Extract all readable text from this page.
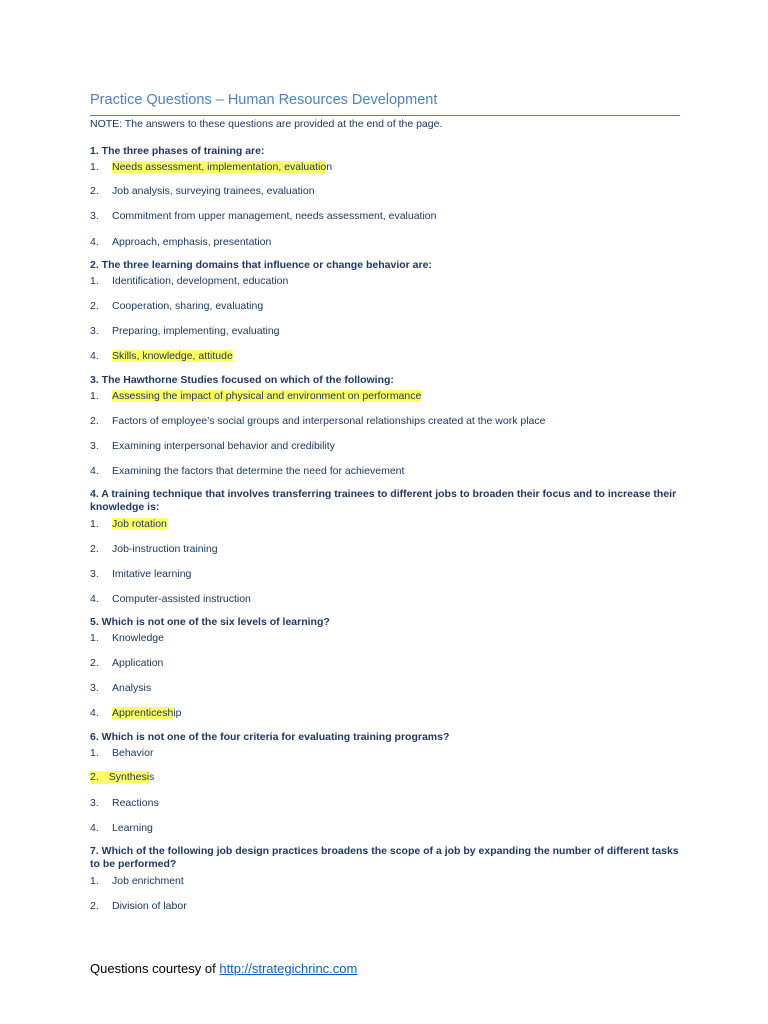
Practice Questions – Human Resources Development
NOTE: The answers to these questions are provided at the end of the page.
1. The three phases of training are:
1. Needs assessment, implementation, evaluation
2. Job analysis, surveying trainees, evaluation
3. Commitment from upper management, needs assessment, evaluation
4. Approach, emphasis, presentation
2. The three learning domains that influence or change behavior are:
1. Identification, development, education
2. Cooperation, sharing, evaluating
3. Preparing, implementing, evaluating
4. Skills, knowledge, attitude
3. The Hawthorne Studies focused on which of the following:
1. Assessing the impact of physical and environment on performance
2. Factors of employee’s social groups and interpersonal relationships created at the work place
3. Examining interpersonal behavior and credibility
4. Examining the factors that determine the need for achievement
4. A training technique that involves transferring trainees to different jobs to broaden their focus and to increase their knowledge is:
1. Job rotation
2. Job-instruction training
3. Imitative learning
4. Computer-assisted instruction
5. Which is not one of the six levels of learning?
1. Knowledge
2. Application
3. Analysis
4. Apprenticeship
6. Which is not one of the four criteria for evaluating training programs?
1. Behavior
2. Synthesis
3. Reactions
4. Learning
7. Which of the following job design practices broadens the scope of a job by expanding the number of different tasks to be performed?
1. Job enrichment
2. Division of labor
Questions courtesy of http://strategichrinc.com
